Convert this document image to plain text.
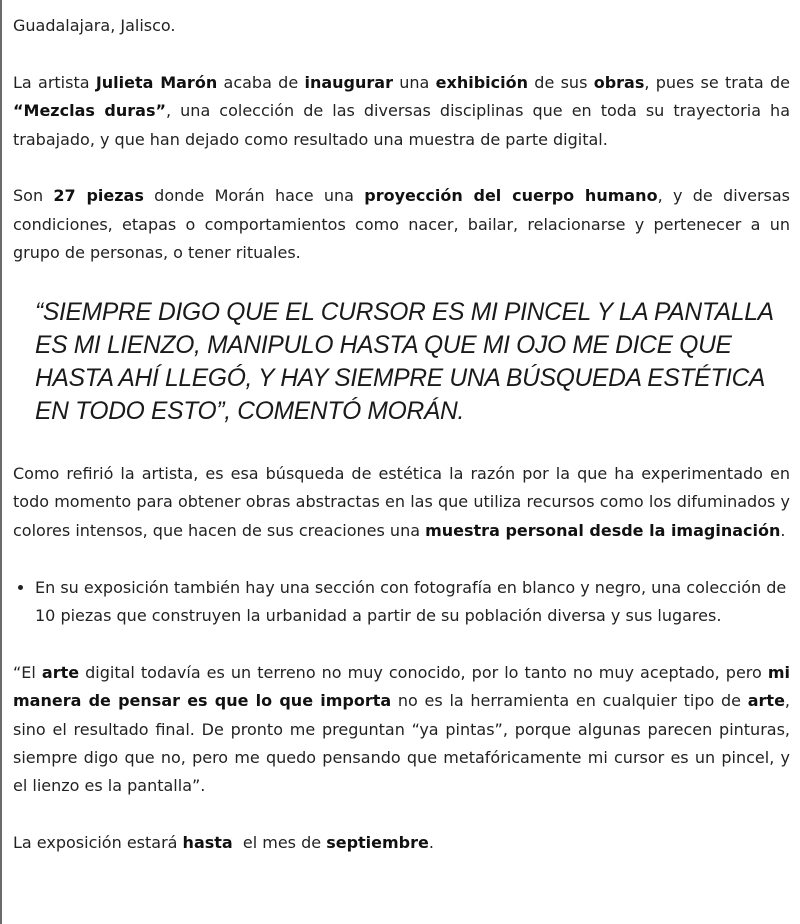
Guadalajara, Jalisco.

La artista Julieta Marón acaba de inaugurar una exhibición de sus obras, pues se trata de “Mezclas duras”, una colección de las diversas disciplinas que en toda su trayectoria ha trabajado, y que han dejado como resultado una muestra de parte digital.

Son 27 piezas donde Morán hace una proyección del cuerpo humano, y de diversas condiciones, etapas o comportamientos como nacer, bailar, relacionarse y pertenecer a un grupo de personas, o tener rituales.

“SIEMPRE DIGO QUE EL CURSOR ES MI PINCEL Y LA PANTALLA ES MI LIENZO, MANIPULO HASTA QUE MI OJO ME DICE QUE HASTA AHÍ LLEGÓ, Y HAY SIEMPRE UNA BÚSQUEDA ESTÉTICA EN TODO ESTO”, COMENTÓ MORÁN.

Como refirió la artista, es esa búsqueda de estética la razón por la que ha experimentado en todo momento para obtener obras abstractas en las que utiliza recursos como los difuminados y colores intensos, que hacen de sus creaciones una muestra personal desde la imaginación.

• En su exposición también hay una sección con fotografía en blanco y negro, una colección de 10 piezas que construyen la urbanidad a partir de su población diversa y sus lugares.

“El arte digital todavía es un terreno no muy conocido, por lo tanto no muy aceptado, pero mi manera de pensar es que lo que importa no es la herramienta en cualquier tipo de arte, sino el resultado final. De pronto me preguntan “ya pintas”, porque algunas parecen pinturas, siempre digo que no, pero me quedo pensando que metafóricamente mi cursor es un pincel, y el lienzo es la pantalla”.

La exposición estará hasta  el mes de septiembre.
